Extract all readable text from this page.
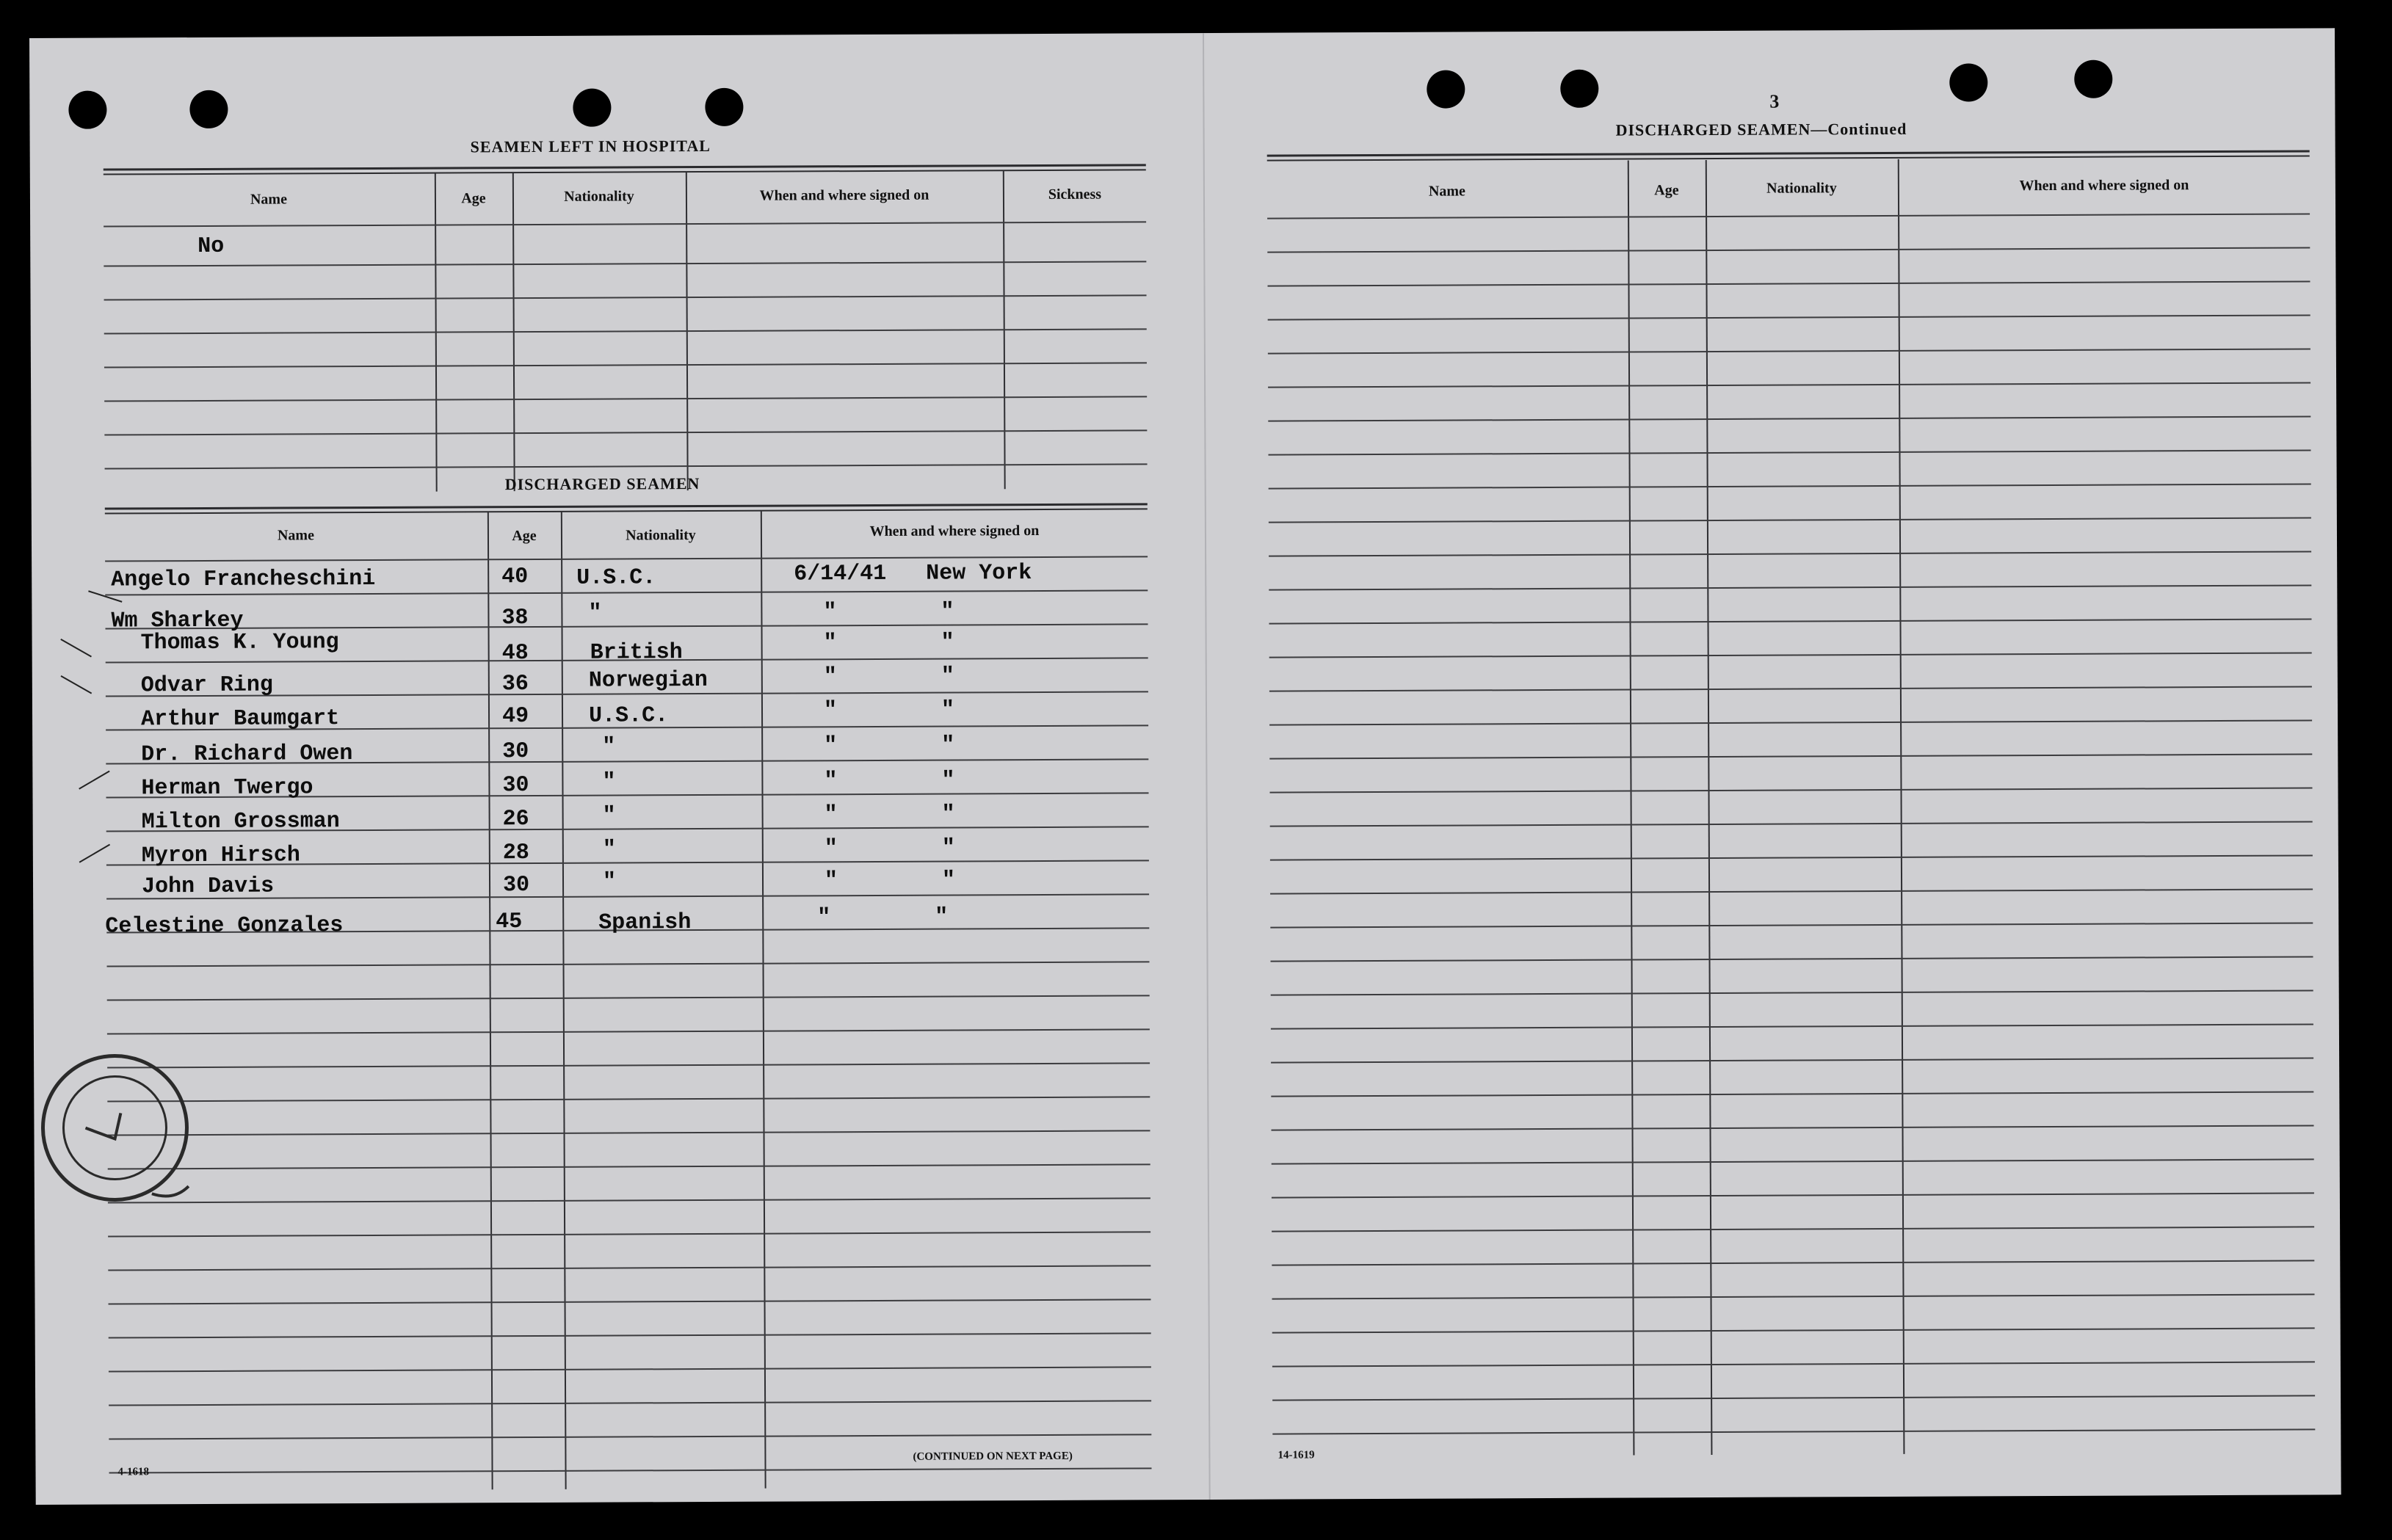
SEAMEN LEFT IN HOSPITAL
Name	Age	Nationality	When and where signed on	Sickness
No
DISCHARGED SEAMEN
Name	Age	Nationality	When and where signed on
Angelo Francheschini	40 U.S.C.	6/14/41 New York
Wm Sharkey	38	"	"	"
Thomas K. Young	48	British	"	"
Odvar Ring	36	Norwegian	"	"
Arthur Baumgart	49	U.S.C.	"	"
Dr. Richard Owen	30	"	"	"
Herman Twergo	30	"	"	"
Milton Grossman	26	"	"	"
Myron Hirsch	28	"	"	"
John Davis	30	"	"	"
Celestine Gonzales	45	Spanish	"	"
4-1618
(CONTINUED ON NEXT PAGE)
3
DISCHARGED SEAMEN—Continued
Name	Age	Nationality	When and where signed on
14-1619
